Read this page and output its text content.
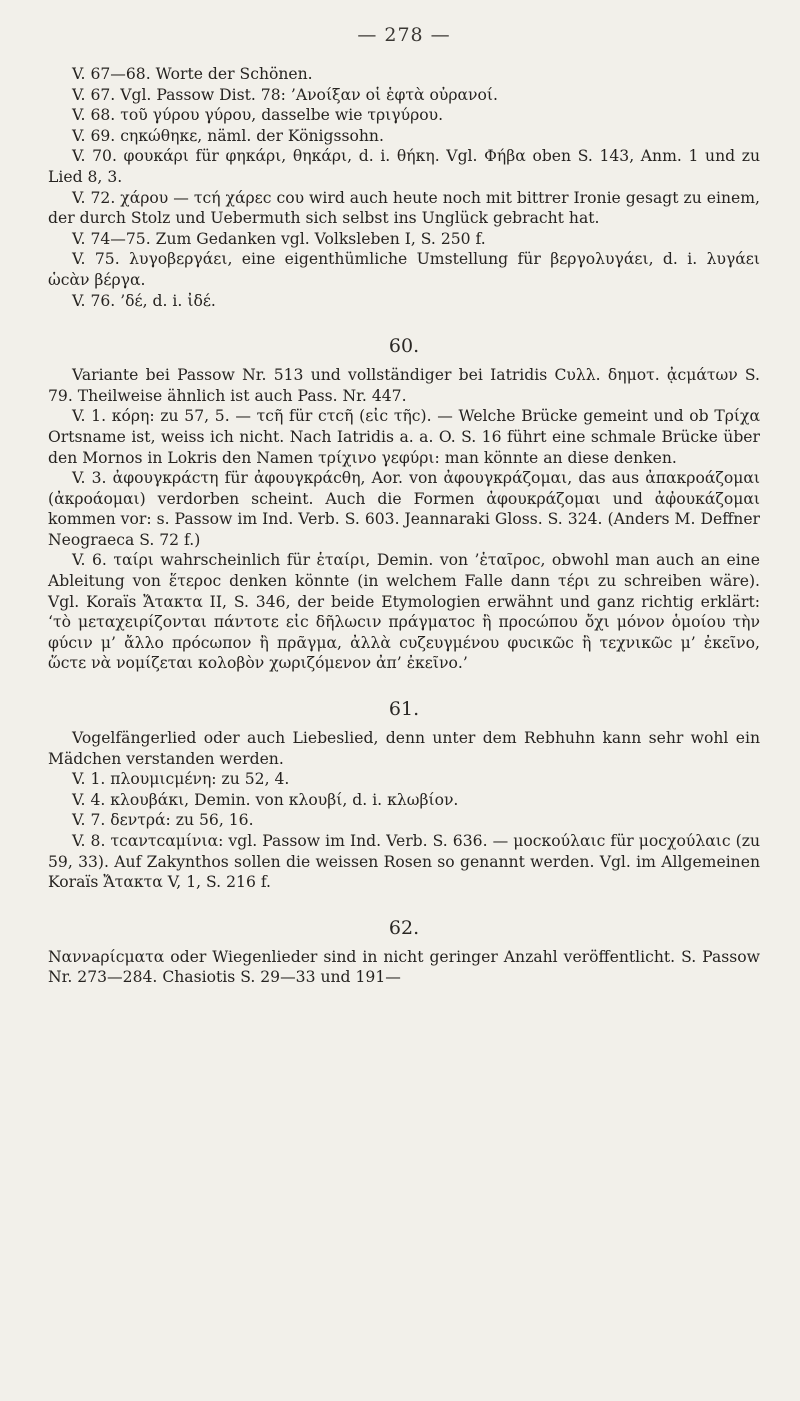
— 278 —

V. 67—68. Worte der Schönen.

V. 67. Vgl. Passow Dist. 78: ’Ανοίξαν οἱ ἑφτὰ οὐρανοί.

V. 68. τοῦ γύρου γύρου, dasselbe wie τριγύρου.

V. 69. cηκώθηκε, näml. der Königssohn.

V. 70. φουκάρι für φηκάρι, θηκάρι, d. i. θήκη. Vgl. Φήβα oben S. 143, Anm. 1 und zu Lied 8, 3.

V. 72. χάρου — τcή χάρεc cου wird auch heute noch mit bittrer Ironie gesagt zu einem, der durch Stolz und Uebermuth sich selbst ins Unglück gebracht hat.

V. 74—75. Zum Gedanken vgl. Volksleben I, S. 250 f.

V. 75. λυγοβεργάει, eine eigenthümliche Umstellung für βεργολυγάει, d. i. λυγάει ὡcὰν βέργα.

V. 76. ’δέ, d. i. ἰδέ.

60.

Variante bei Passow Nr. 513 und vollständiger bei Iatridis Cυλλ. δημοτ. ᾀcμάτων S. 79. Theilweise ähnlich ist auch Pass. Nr. 447.

V. 1. κόρη: zu 57, 5. — τcῆ für cτcῆ (εἰc τῆc). — Welche Brücke gemeint und ob Τρίχα Ortsname ist, weiss ich nicht. Nach Iatridis a. a. O. S. 16 führt eine schmale Brücke über den Mornos in Lokris den Namen τρίχινο γεφύρι: man könnte an diese denken.

V. 3. ἀφουγκράcτη für ἀφουγκράcθη, Aor. von ἀφουγκράζομαι, das aus ἀπακροάζομαι (ἀκροάομαι) verdorben scheint. Auch die Formen ἀφουκράζομαι und ἀφ̓ουκάζομαι kommen vor: s. Passow im Ind. Verb. S. 603. Jeannaraki Gloss. S. 324. (Anders M. Deffner Neograeca S. 72 f.)

V. 6. ταίρι wahrscheinlich für ἑταίρι, Demin. von ’ἑταῖροc, obwohl man auch an eine Ableitung von ἕτεροc denken könnte (in welchem Falle dann τέρι zu schreiben wäre). Vgl. Koraïs Ἄτακτα II, S. 346, der beide Etymologien erwähnt und ganz richtig erklärt: ‘τὸ μεταχειρίζονται πάντοτε εἰc δῆλωcιν πράγματοc ἢ προcώπου ὄχι μόνον ὁμοίου τὴν φύcιν μ’ ἄλλο πρόcωπον ἢ πρᾶγμα, ἀλλὰ cυζευγμένου φυcικῶc ἢ τεχνικῶc μ’ ἐκεῖνο, ὥcτε νὰ νομίζεται κολοβὸν χωριζόμενον ἀπ’ ἐκεῖνο.’

61.

Vogelfängerlied oder auch Liebeslied, denn unter dem Rebhuhn kann sehr wohl ein Mädchen verstanden werden.

V. 1. πλουμιcμένη: zu 52, 4.

V. 4. κλουβάκι, Demin. von κλουβί, d. i. κλωβίον.

V. 7. δεντρά: zu 56, 16.

V. 8. τcαντcαμίνια: vgl. Passow im Ind. Verb. S. 636. — μοcκούλαιc für μοcχούλαιc (zu 59, 33). Auf Zakynthos sollen die weissen Rosen so genannt werden. Vgl. im Allgemeinen Koraïs Ἄτακτα V, 1, S. 216 f.

62.

Ναννaρίcματα oder Wiegenlieder sind in nicht geringer Anzahl veröffentlicht. S. Passow Nr. 273—284. Chasiotis S. 29—33 und 191—
